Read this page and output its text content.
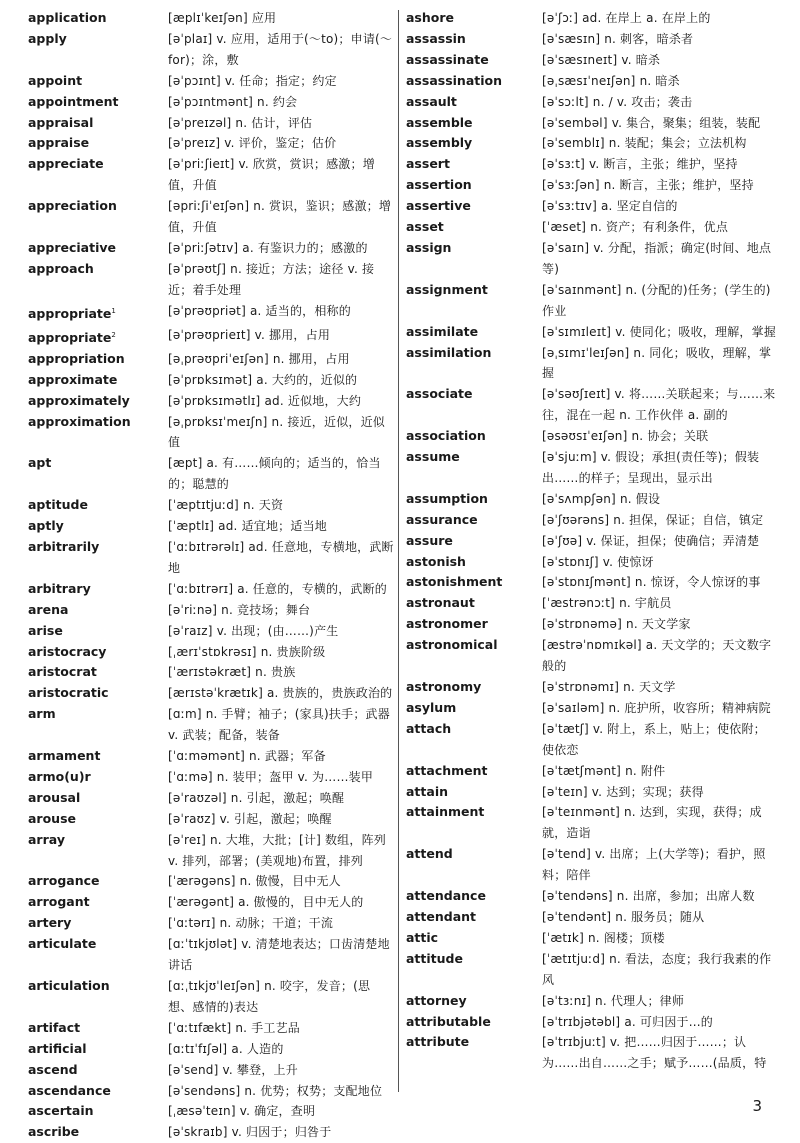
application	[æplɪˈkeɪʃən] 应用
apply	[əˈplaɪ] v. 应用，适用于(～to)；申请(～for)；涂，敷
appoint	[əˈpɔɪnt] v. 任命；指定；约定
appointment	[əˈpɔɪntmənt] n. 约会
appraisal	[əˈpreɪzəl] n. 估计，评估
appraise	[əˈpreɪz] v. 评价，鉴定；估价
appreciate	[əˈpriːʃieɪt] v. 欣赏，赏识；感激；增值，升值
appreciation	[əpriːʃiˈeɪʃən] n. 赏识，鉴识；感激；增值，升值
appreciative	[əˈpriːʃətɪv] a. 有鉴识力的；感激的
approach	[əˈprəʊtʃ] n. 接近；方法；途径 v. 接近；着手处理
appropriate$^1$	[əˈprəʊpriət] a. 适当的，相称的
appropriate$^2$	[əˈprəʊprieɪt] v. 挪用，占用
appropriation	[əˌprəʊpriˈeɪʃən] n. 挪用，占用
approximate	[əˈprɒksɪmət] a. 大约的，近似的
approximately	[əˈprɒksɪmətlɪ] ad. 近似地，大约
approximation	[əˌprɒksɪˈmeɪʃn] n. 接近，近似，近似值
apt	[æpt] a. 有……倾向的；适当的，恰当的；聪慧的
aptitude	[ˈæptɪtjuːd] n. 天资
aptly	[ˈæptlɪ] ad. 适宜地；适当地
arbitrarily	[ˈɑːbɪtrərəlɪ] ad. 任意地，专横地，武断地
arbitrary	[ˈɑːbɪtrərɪ] a. 任意的，专横的，武断的
arena	[əˈriːnə] n. 竞技场；舞台
arise	[əˈraɪz] v. 出现；(由……)产生
aristocracy	[ˌærɪˈstɒkrəsɪ] n. 贵族阶级
aristocrat	[ˈærɪstəkræt] n. 贵族
aristocratic	[ærɪstəˈkrætɪk] a. 贵族的，贵族政治的
arm	[ɑːm] n. 手臂；袖子；(家具)扶手；武器 v. 武装；配备，装备
armament	[ˈɑːməmənt] n. 武器；军备
armo(u)r	[ˈɑːmə] n. 装甲；盔甲 v. 为……装甲
arousal	[əˈraʊzəl] n. 引起，激起；唤醒
arouse	[əˈraʊz] v. 引起，激起；唤醒
array	[əˈreɪ] n. 大堆，大批；[计] 数组，阵列 v. 排列，部署；(美观地)布置，排列
arrogance	[ˈærəgəns] n. 傲慢，目中无人
arrogant	[ˈærəgənt] a. 傲慢的，目中无人的
artery	[ˈɑːtərɪ] n. 动脉；干道；干流
articulate	[ɑːˈtɪkjʊlət] v. 清楚地表达；口齿清楚地讲话
articulation	[ɑːˌtɪkjʊˈleɪʃən] n. 咬字，发音；(思想、感情的)表达
artifact	[ˈɑːtɪfækt] n. 手工艺品
artificial	[ɑːtɪˈfɪʃəl] a. 人造的
ascend	[əˈsend] v. 攀登，上升
ascendance	[əˈsendəns] n. 优势；权势；支配地位
ascertain	[ˌæsəˈteɪn] v. 确定，查明
ascribe	[əˈskraɪb] v. 归因于；归咎于
ashore	[əˈʃɔː] ad. 在岸上 a. 在岸上的
assassin	[əˈsæsɪn] n. 刺客，暗杀者
assassinate	[əˈsæsɪneɪt] v. 暗杀
assassination	[əˌsæsɪˈneɪʃən] n. 暗杀
assault	[əˈsɔːlt] n. / v. 攻击；袭击
assemble	[əˈsembəl] v. 集合，聚集；组装，装配
assembly	[əˈsemblɪ] n. 装配；集会；立法机构
assert	[əˈsɜːt] v. 断言，主张；维护，坚持
assertion	[əˈsɜːʃən] n. 断言，主张；维护，坚持
assertive	[əˈsɜːtɪv] a. 坚定自信的
asset	[ˈæset] n. 资产；有利条件，优点
assign	[əˈsaɪn] v. 分配，指派；确定(时间、地点等)
assignment	[əˈsaɪnmənt] n. (分配的)任务；(学生的)作业
assimilate	[əˈsɪmɪleɪt] v. 使同化；吸收，理解，掌握
assimilation	[əˌsɪmɪˈleɪʃən] n. 同化；吸收，理解，掌握
associate	[əˈsəʊʃɪeɪt] v. 将……关联起来；与……来往，混在一起 n. 工作伙伴 a. 副的
association	[əsəʊsɪˈeɪʃən] n. 协会；关联
assume	[əˈsjuːm] v. 假设；承担(责任等)；假装出……的样子；呈现出，显示出
assumption	[əˈsʌmpʃən] n. 假设
assurance	[əˈʃʊərəns] n. 担保，保证；自信，镇定
assure	[əˈʃʊə] v. 保证，担保；使确信；弄清楚
astonish	[əˈstɒnɪʃ] v. 使惊讶
astonishment	[əˈstɒnɪʃmənt] n. 惊讶，令人惊讶的事
astronaut	[ˈæstrənɔːt] n. 宇航员
astronomer	[əˈstrɒnəmə] n. 天文学家
astronomical	[æstrəˈnɒmɪkəl] a. 天文学的；天文数字般的
astronomy	[əˈstrɒnəmɪ] n. 天文学
asylum	[əˈsaɪləm] n. 庇护所，收容所；精神病院
attach	[əˈtætʃ] v. 附上，系上，贴上；使依附；使依恋
attachment	[əˈtætʃmənt] n. 附件
attain	[əˈteɪn] v. 达到；实现；获得
attainment	[əˈteɪnmənt] n. 达到，实现，获得；成就，造诣
attend	[əˈtend] v. 出席；上(大学等)；看护，照料；陪伴
attendance	[əˈtendəns] n. 出席，参加；出席人数
attendant	[əˈtendənt] n. 服务员；随从
attic	[ˈætɪk] n. 阁楼；顶楼
attitude	[ˈætɪtjuːd] n. 看法，态度；我行我素的作风
attorney	[əˈtɜːnɪ] n. 代理人；律师
attributable	[əˈtrɪbjətəbl] a. 可归因于...的
attribute	[əˈtrɪbjuːt] v. 把……归因于……；认为……出自……之手；赋予……(品质，特
3
